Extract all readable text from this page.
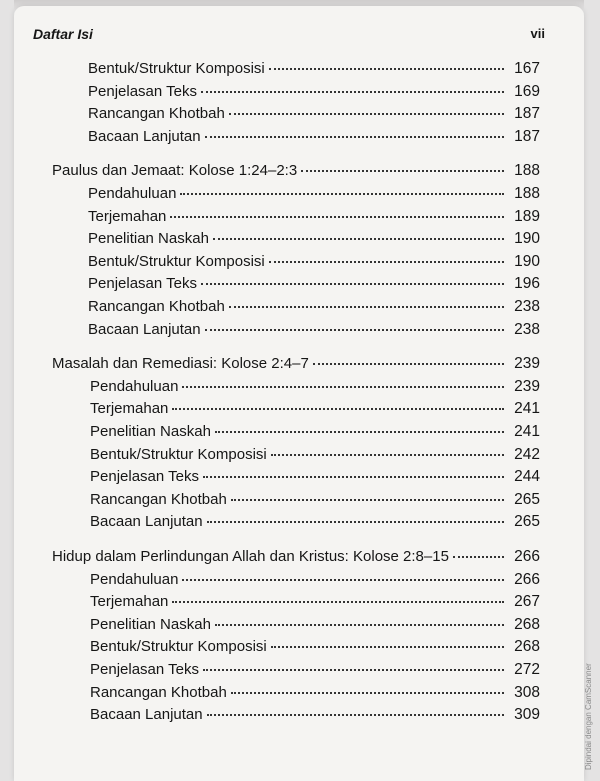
Daftar Isi	vii
Bentuk/Struktur Komposisi	167
Penjelasan Teks	169
Rancangan Khotbah	187
Bacaan Lanjutan	187
Paulus dan Jemaat: Kolose 1:24–2:3	188
Pendahuluan	188
Terjemahan	189
Penelitian Naskah	190
Bentuk/Struktur Komposisi	190
Penjelasan Teks	196
Rancangan Khotbah	238
Bacaan Lanjutan	238
Masalah dan Remediasi: Kolose 2:4–7	239
Pendahuluan	239
Terjemahan	241
Penelitian Naskah	241
Bentuk/Struktur Komposisi	242
Penjelasan Teks	244
Rancangan Khotbah	265
Bacaan Lanjutan	265
Hidup dalam Perlindungan Allah dan Kristus: Kolose 2:8–15	266
Pendahuluan	266
Terjemahan	267
Penelitian Naskah	268
Bentuk/Struktur Komposisi	268
Penjelasan Teks	272
Rancangan Khotbah	308
Bacaan Lanjutan	309	Dipindai dengan CamScanner
